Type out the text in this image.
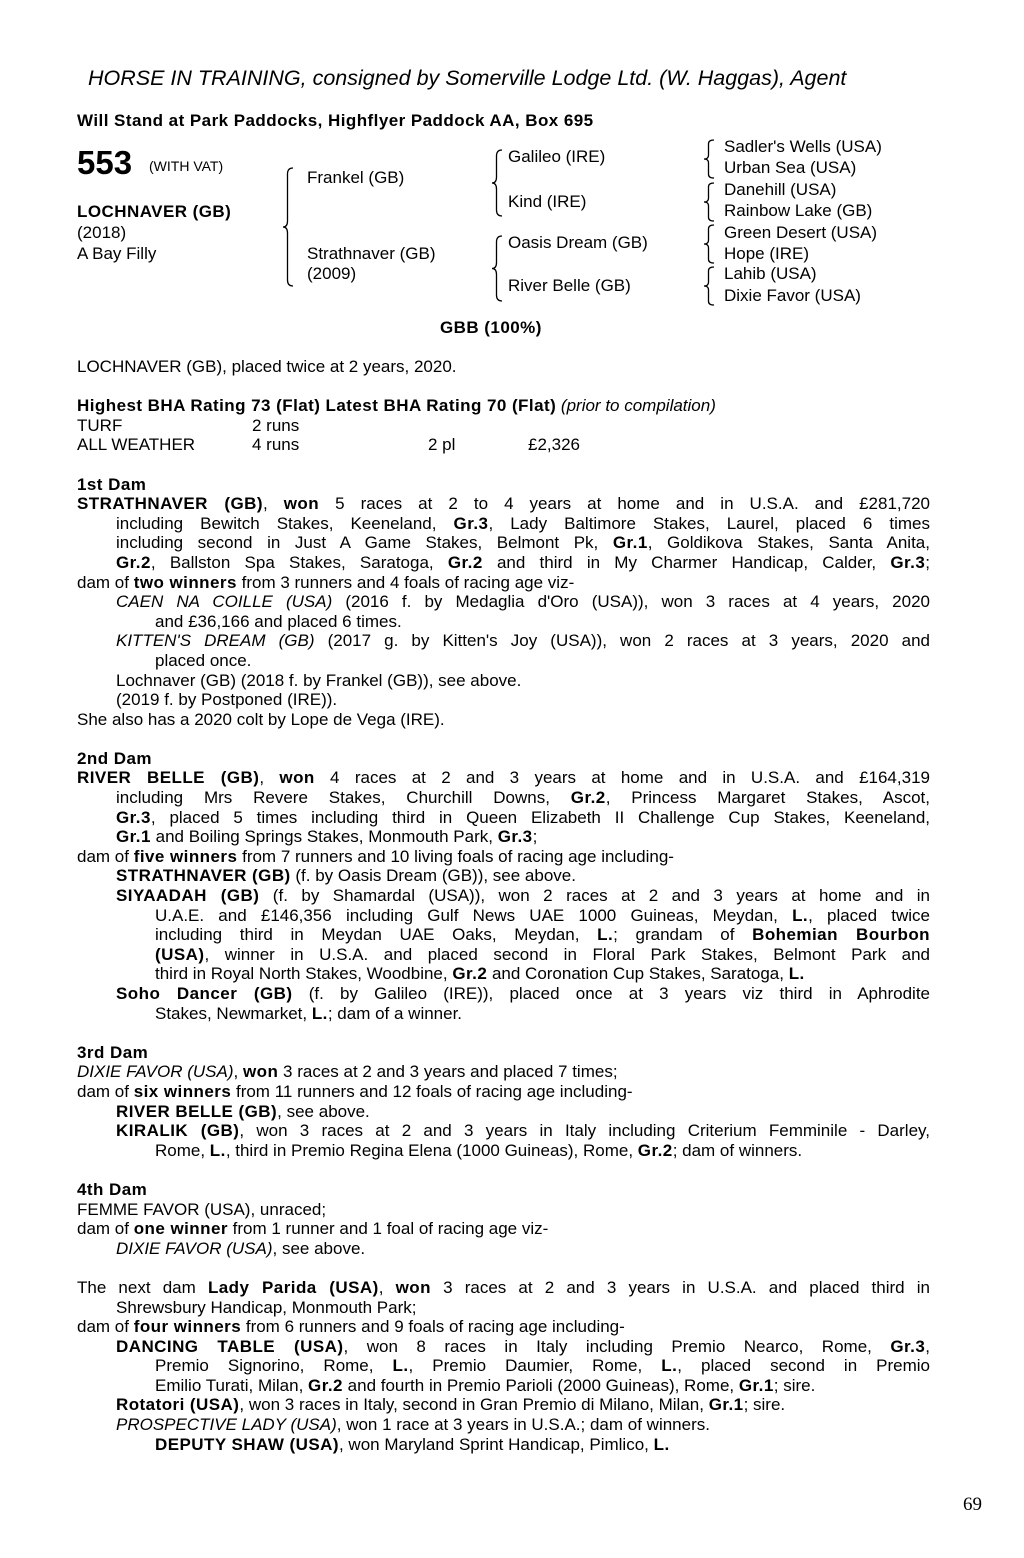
HORSE IN TRAINING, consigned by Somerville Lodge Ltd. (W. Haggas), Agent
Will Stand at Park Paddocks, Highflyer Paddock AA, Box 695
553 (WITH VAT)
LOCHNAVER (GB)
(2018)
A Bay Filly
Frankel (GB)
Strathnaver (GB)
(2009)
Galileo (IRE)
Kind (IRE)
Oasis Dream (GB)
River Belle (GB)
Sadler's Wells (USA)
Urban Sea (USA)
Danehill (USA)
Rainbow Lake (GB)
Green Desert (USA)
Hope (IRE)
Lahib (USA)
Dixie Favor (USA)
GBB (100%)
LOCHNAVER (GB), placed twice at 2 years, 2020.
Highest BHA Rating 73 (Flat) Latest BHA Rating 70 (Flat) (prior to compilation)
TURF	2 runs
ALL WEATHER	4 runs	2 pl	£2,326
1st Dam
STRATHNAVER (GB), won 5 races at 2 to 4 years at home and in U.S.A. and £281,720
including Bewitch Stakes, Keeneland, Gr.3, Lady Baltimore Stakes, Laurel, placed 6 times
including second in Just A Game Stakes, Belmont Pk, Gr.1, Goldikova Stakes, Santa Anita,
Gr.2, Ballston Spa Stakes, Saratoga, Gr.2 and third in My Charmer Handicap, Calder, Gr.3;
dam of two winners from 3 runners and 4 foals of racing age viz-
CAEN NA COILLE (USA) (2016 f. by Medaglia d'Oro (USA)), won 3 races at 4 years, 2020
and £36,166 and placed 6 times.
KITTEN'S DREAM (GB) (2017 g. by Kitten's Joy (USA)), won 2 races at 3 years, 2020 and
placed once.
Lochnaver (GB) (2018 f. by Frankel (GB)), see above.
(2019 f. by Postponed (IRE)).
She also has a 2020 colt by Lope de Vega (IRE).
2nd Dam
RIVER BELLE (GB), won 4 races at 2 and 3 years at home and in U.S.A. and £164,319
including Mrs Revere Stakes, Churchill Downs, Gr.2, Princess Margaret Stakes, Ascot,
Gr.3, placed 5 times including third in Queen Elizabeth II Challenge Cup Stakes, Keeneland,
Gr.1 and Boiling Springs Stakes, Monmouth Park, Gr.3;
dam of five winners from 7 runners and 10 living foals of racing age including-
STRATHNAVER (GB) (f. by Oasis Dream (GB)), see above.
SIYAADAH (GB) (f. by Shamardal (USA)), won 2 races at 2 and 3 years at home and in
U.A.E. and £146,356 including Gulf News UAE 1000 Guineas, Meydan, L., placed twice
including third in Meydan UAE Oaks, Meydan, L.; grandam of Bohemian Bourbon
(USA), winner in U.S.A. and placed second in Floral Park Stakes, Belmont Park and
third in Royal North Stakes, Woodbine, Gr.2 and Coronation Cup Stakes, Saratoga, L.
Soho Dancer (GB) (f. by Galileo (IRE)), placed once at 3 years viz third in Aphrodite
Stakes, Newmarket, L.; dam of a winner.
3rd Dam
DIXIE FAVOR (USA), won 3 races at 2 and 3 years and placed 7 times;
dam of six winners from 11 runners and 12 foals of racing age including-
RIVER BELLE (GB), see above.
KIRALIK (GB), won 3 races at 2 and 3 years in Italy including Criterium Femminile - Darley,
Rome, L., third in Premio Regina Elena (1000 Guineas), Rome, Gr.2; dam of winners.
4th Dam
FEMME FAVOR (USA), unraced;
dam of one winner from 1 runner and 1 foal of racing age viz-
DIXIE FAVOR (USA), see above.
The next dam Lady Parida (USA), won 3 races at 2 and 3 years in U.S.A. and placed third in
Shrewsbury Handicap, Monmouth Park;
dam of four winners from 6 runners and 9 foals of racing age including-
DANCING TABLE (USA), won 8 races in Italy including Premio Nearco, Rome, Gr.3,
Premio Signorino, Rome, L., Premio Daumier, Rome, L., placed second in Premio
Emilio Turati, Milan, Gr.2 and fourth in Premio Parioli (2000 Guineas), Rome, Gr.1; sire.
Rotatori (USA), won 3 races in Italy, second in Gran Premio di Milano, Milan, Gr.1; sire.
PROSPECTIVE LADY (USA), won 1 race at 3 years in U.S.A.; dam of winners.
DEPUTY SHAW (USA), won Maryland Sprint Handicap, Pimlico, L.
69
